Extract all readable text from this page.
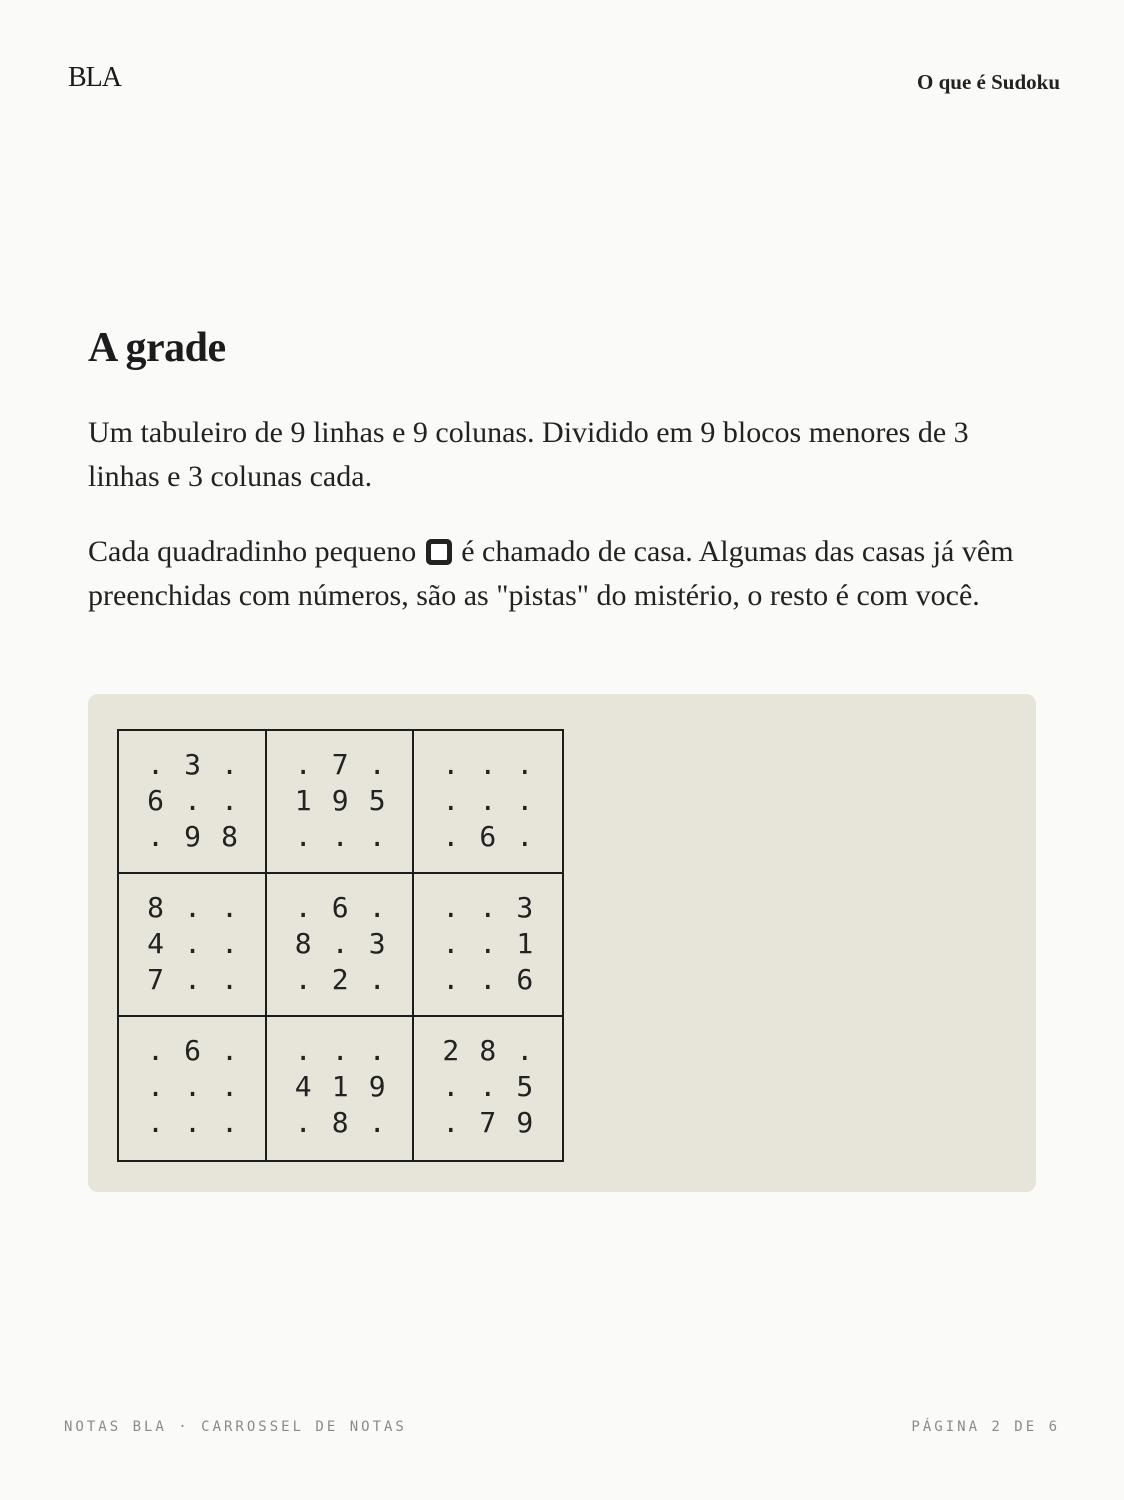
BLA	O que é Sudoku
A grade

Um tabuleiro de 9 linhas e 9 colunas. Dividido em 9 blocos menores de 3 linhas e 3 colunas cada.

Cada quadradinho pequeno  é chamado de casa. Algumas das casas já vêm preenchidas com números, são as "pistas" do mistério, o resto é com você.

. 3 .
6 . .
. 9 8
. 7 .
1 9 5
. . .
. . .
. . .
. 6 .
8 . .
4 . .
7 . .
. 6 .
8 . 3
. 2 .
. . 3
. . 1
. . 6
. 6 .
. . .
. . .
. . .
4 1 9
. 8 .
2 8 .
. . 5
. 7 9
NOTAS BLA · CARROSSEL DE NOTAS	PÁGINA 2 DE 6
